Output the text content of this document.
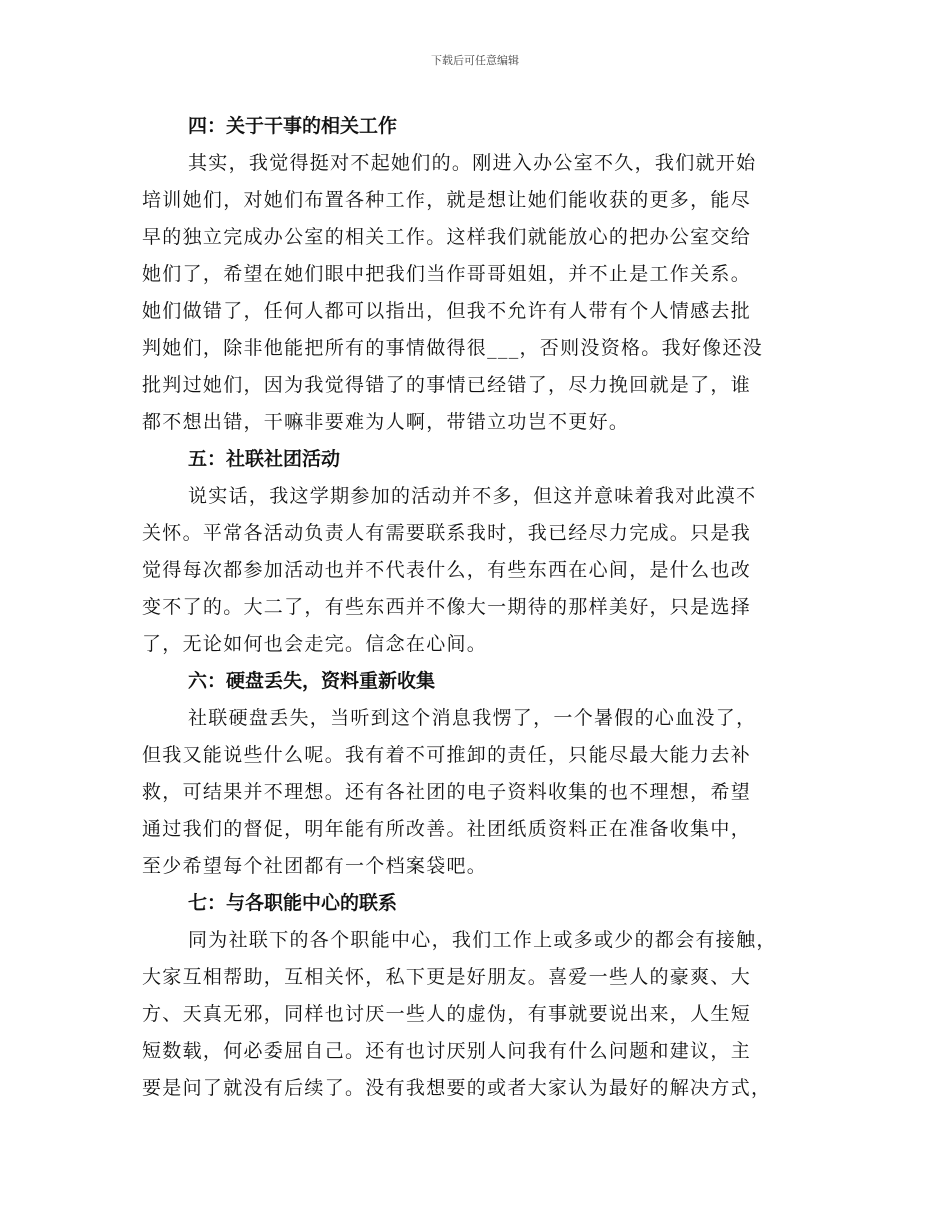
下载后可任意编辑
四：关于干事的相关工作
其实，我觉得挺对不起她们的。刚进入办公室不久，我们就开始
培训她们，对她们布置各种工作，就是想让她们能收获的更多，能尽
早的独立完成办公室的相关工作。这样我们就能放心的把办公室交给
她们了，希望在她们眼中把我们当作哥哥姐姐，并不止是工作关系。
她们做错了，任何人都可以指出，但我不允许有人带有个人情感去批
判她们，除非他能把所有的事情做得很___，否则没资格。我好像还没
批判过她们，因为我觉得错了的事情已经错了，尽力挽回就是了，谁
都不想出错，干嘛非要难为人啊，带错立功岂不更好。
五：社联社团活动
说实话，我这学期参加的活动并不多，但这并意味着我对此漠不
关怀。平常各活动负责人有需要联系我时，我已经尽力完成。只是我
觉得每次都参加活动也并不代表什么，有些东西在心间，是什么也改
变不了的。大二了，有些东西并不像大一期待的那样美好，只是选择
了，无论如何也会走完。信念在心间。
六：硬盘丢失，资料重新收集
社联硬盘丢失，当听到这个消息我愣了，一个暑假的心血没了，
但我又能说些什么呢。我有着不可推卸的责任，只能尽最大能力去补
救，可结果并不理想。还有各社团的电子资料收集的也不理想，希望
通过我们的督促，明年能有所改善。社团纸质资料正在准备收集中，
至少希望每个社团都有一个档案袋吧。
七：与各职能中心的联系
同为社联下的各个职能中心，我们工作上或多或少的都会有接触，
大家互相帮助，互相关怀，私下更是好朋友。喜爱一些人的豪爽、大
方、天真无邪，同样也讨厌一些人的虚伪，有事就要说出来，人生短
短数载，何必委屈自己。还有也讨厌别人问我有什么问题和建议，主
要是问了就没有后续了。没有我想要的或者大家认为最好的解决方式，
